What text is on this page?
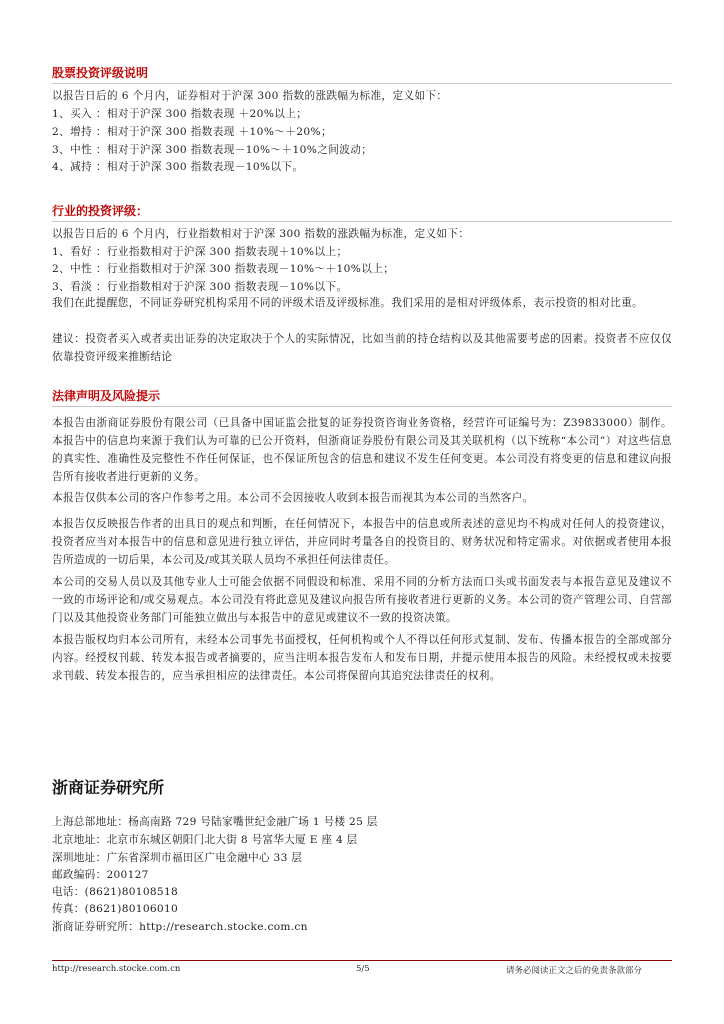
股票投资评级说明
以报告日后的 6 个月内，证券相对于沪深 300 指数的涨跌幅为标准，定义如下：
1、买入 ：相对于沪深 300 指数表现 ＋20%以上；
2、增持 ：相对于沪深 300 指数表现 ＋10%～＋20%；
3、中性 ：相对于沪深 300 指数表现－10%～＋10%之间波动；
4、减持 ：相对于沪深 300 指数表现－10%以下。
行业的投资评级：
以报告日后的 6 个月内，行业指数相对于沪深 300 指数的涨跌幅为标准，定义如下：
1、看好 ：行业指数相对于沪深 300 指数表现＋10%以上；
2、中性 ：行业指数相对于沪深 300 指数表现－10%～＋10%以上；
3、看淡 ：行业指数相对于沪深 300 指数表现－10%以下。
我们在此提醒您，不同证券研究机构采用不同的评级术语及评级标准。我们采用的是相对评级体系，表示投资的相对比重。
建议：投资者买入或者卖出证券的决定取决于个人的实际情况，比如当前的持仓结构以及其他需要考虑的因素。投资者不应仅仅依靠投资评级来推断结论
法律声明及风险提示
本报告由浙商证券股份有限公司（已具备中国证监会批复的证券投资咨询业务资格，经营许可证编号为：Z39833000）制作。本报告中的信息均来源于我们认为可靠的已公开资料，但浙商证券股份有限公司及其关联机构（以下统称“本公司”）对这些信息的真实性、准确性及完整性不作任何保证，也不保证所包含的信息和建议不发生任何变更。本公司没有将变更的信息和建议向报告所有接收者进行更新的义务。
本报告仅供本公司的客户作参考之用。本公司不会因接收人收到本报告而视其为本公司的当然客户。
本报告仅反映报告作者的出具日的观点和判断，在任何情况下，本报告中的信息或所表述的意见均不构成对任何人的投资建议，投资者应当对本报告中的信息和意见进行独立评估，并应同时考量各自的投资目的、财务状况和特定需求。对依据或者使用本报告所造成的一切后果，本公司及/或其关联人员均不承担任何法律责任。
本公司的交易人员以及其他专业人士可能会依据不同假设和标准、采用不同的分析方法而口头或书面发表与本报告意见及建议不一致的市场评论和/或交易观点。本公司没有将此意见及建议向报告所有接收者进行更新的义务。本公司的资产管理公司、自营部门以及其他投资业务部门可能独立做出与本报告中的意见或建议不一致的投资决策。
本报告版权均归本公司所有，未经本公司事先书面授权，任何机构或个人不得以任何形式复制、发布、传播本报告的全部或部分内容。经授权刊载、转发本报告或者摘要的，应当注明本报告发布人和发布日期，并提示使用本报告的风险。未经授权或未按要求刊载、转发本报告的，应当承担相应的法律责任。本公司将保留向其追究法律责任的权利。
浙商证券研究所
上海总部地址：杨高南路 729 号陆家嘴世纪金融广场 1 号楼 25 层
北京地址：北京市东城区朝阳门北大街 8 号富华大厦 E 座 4 层
深圳地址：广东省深圳市福田区广电金融中心 33 层
邮政编码：200127
电话：(8621)80108518
传真：(8621)80106010
浙商证券研究所：http://research.stocke.com.cn
http://research.stocke.com.cn	5/5	请务必阅读正文之后的免责条款部分
